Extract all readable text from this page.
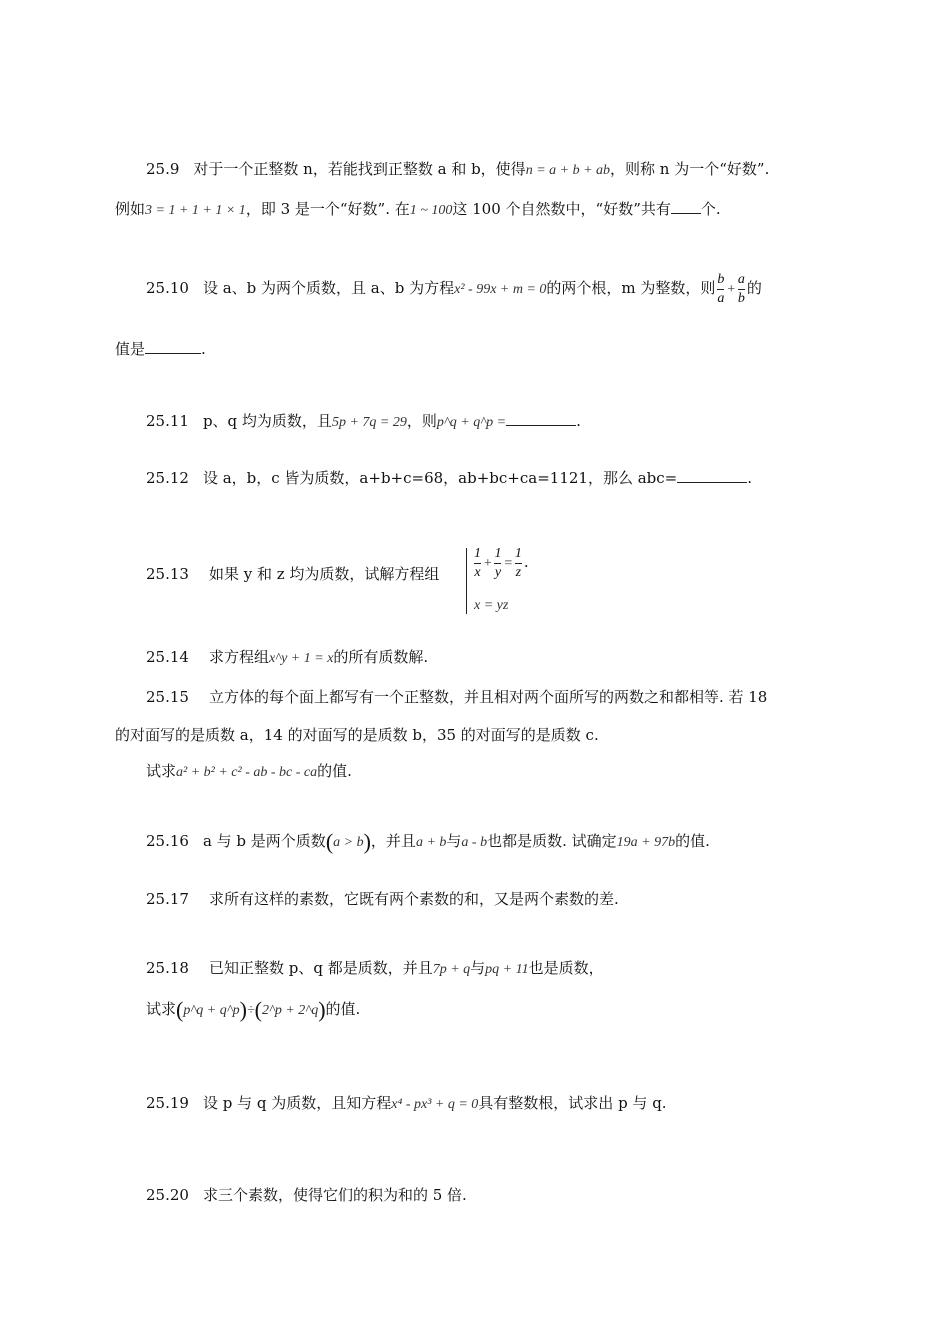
25.9 对于一个正整数 n，若能找到正整数 a 和 b，使得n = a + b + ab，则称 n 为一个“好数”.
例如3 = 1 + 1 + 1 × 1，即 3 是一个“好数”. 在1 ~ 100这 100 个自然数中，“好数”共有 个.
25.10 设 a、b 为两个质数，且 a、b 为方程x² - 99x + m = 0的两个根，m 为整数，则 $\frac{b}{a} + \frac{a}{b}$ 的
值是	.
25.11 p、q 均为质数，且5p + 7q = 29，则p^q + q^p =	.
25.12 设 a，b，c 皆为质数，a+b+c=68，ab+bc+ca=1121，那么 abc=	.
25.13 如果 y 和 z 均为质数，试解方程组 $\frac{1}{x} + \frac{1}{y} = \frac{1}{z}$ .
x = yz
25.14 求方程组x^y + 1 = x的所有质数解.
25.15 立方体的每个面上都写有一个正整数，并且相对两个面所写的两数之和都相等. 若 18
的对面写的是质数 a，14 的对面写的是质数 b，35 的对面写的是质数 c.
试求a² + b² + c² - ab - bc - ca的值.
25.16 a 与 b 是两个质数(a > b)，并且a + b与a - b也都是质数. 试确定19a + 97b的值.
25.17 求所有这样的素数，它既有两个素数的和，又是两个素数的差.
25.18 已知正整数 p、q 都是质数，并且7p + q与pq + 11也是质数，
试求(p^q + q^p)÷(2^p + 2^q)的值.
25.19 设 p 与 q 为质数，且知方程x⁴ - px³ + q = 0具有整数根，试求出 p 与 q.
25.20 求三个素数，使得它们的积为和的 5 倍.
